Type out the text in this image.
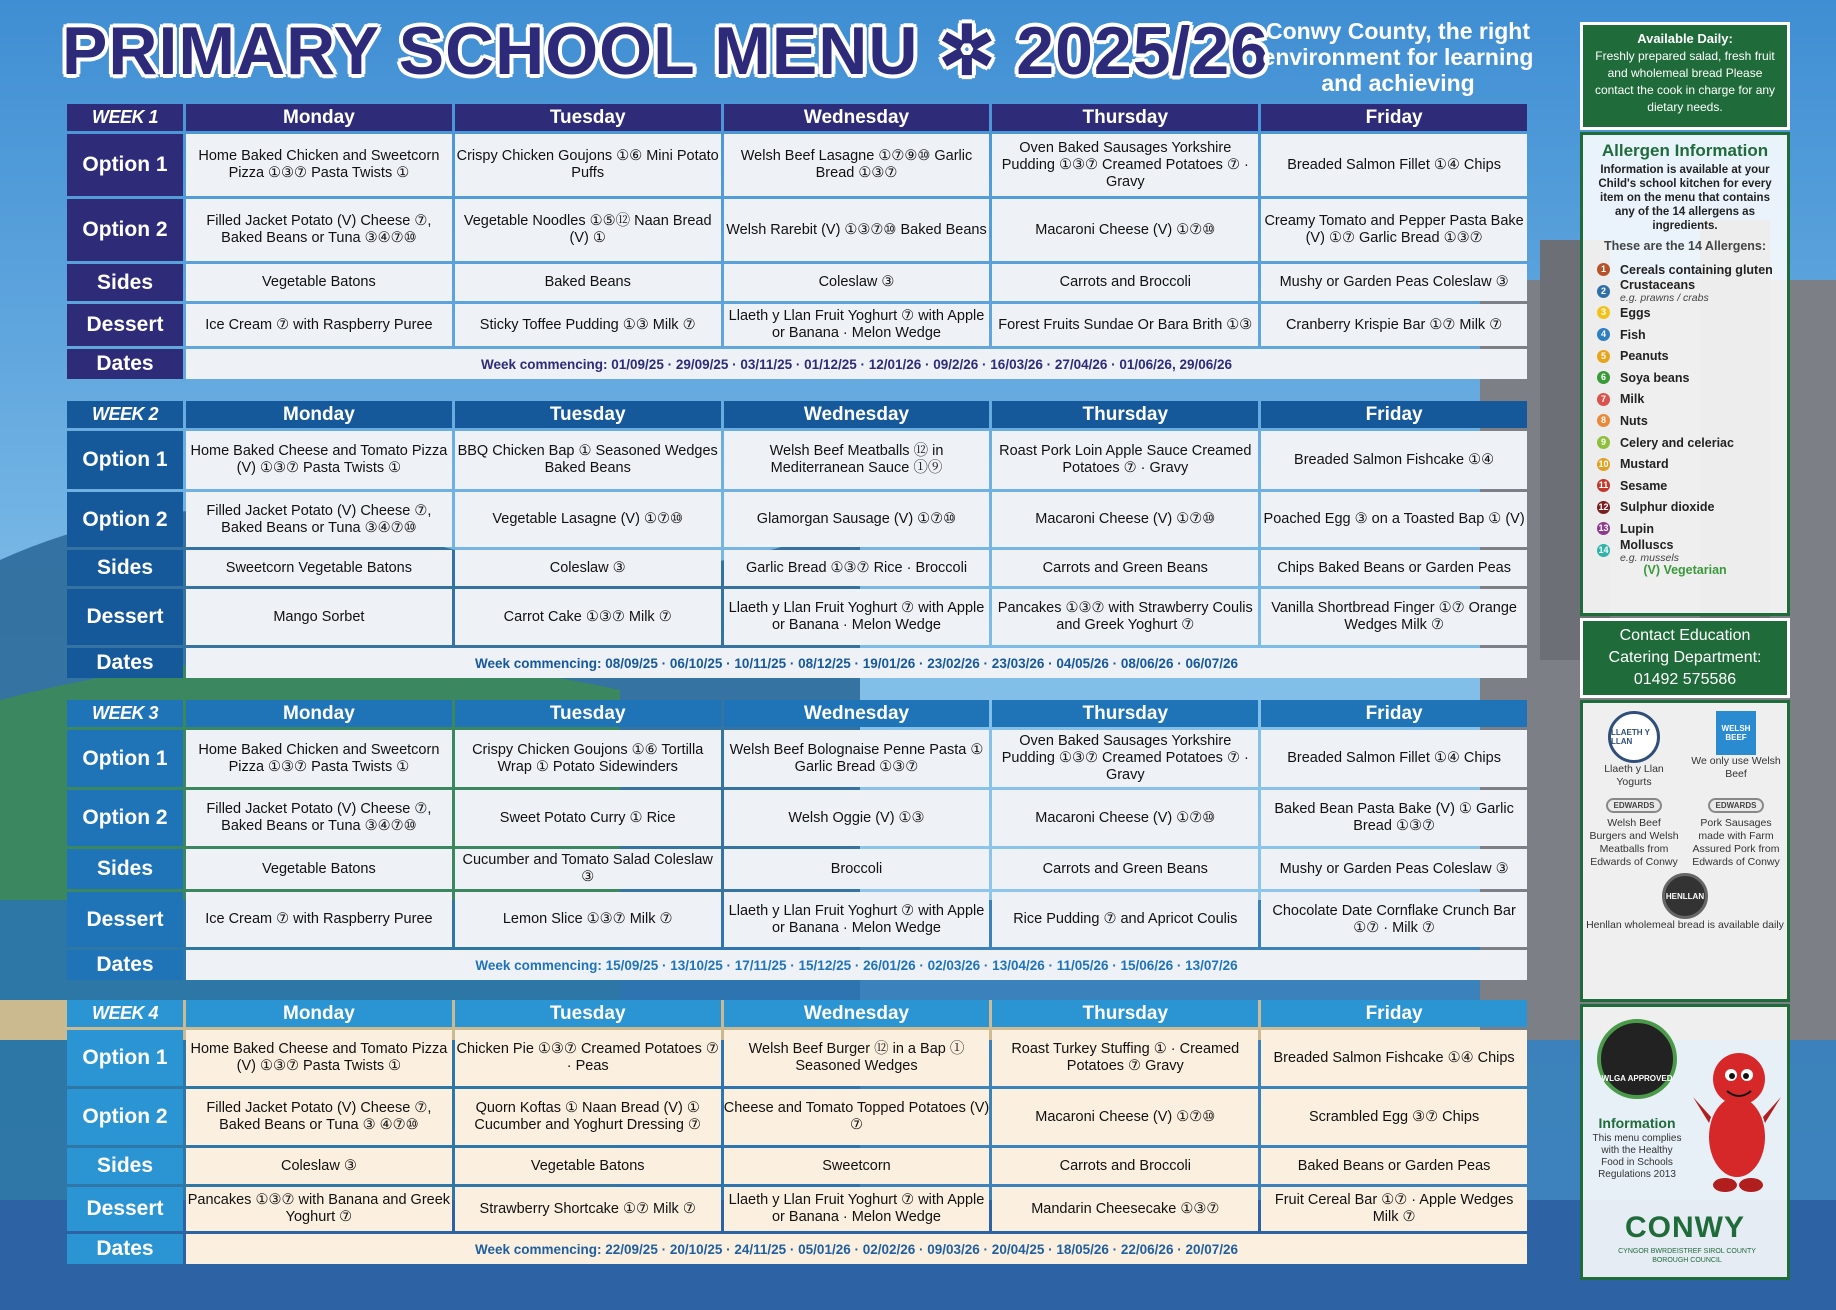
PRIMARY SCHOOL MENU ✲ 2025/26
Conwy County, the right environment for learning and achieving
WEEK 1	Monday	Tuesday	Wednesday	Thursday	Friday
Option 1	Home Baked Chicken and Sweetcorn Pizza ①③⑦ Pasta Twists ①	Crispy Chicken Goujons ①⑥ Mini Potato Puffs	Welsh Beef Lasagne ①⑦⑨⑩ Garlic Bread ①③⑦	Oven Baked Sausages Yorkshire Pudding ①③⑦ Creamed Potatoes ⑦ · Gravy	Breaded Salmon Fillet ①④ Chips
Option 2	Filled Jacket Potato (V) Cheese ⑦, Baked Beans or Tuna ③④⑦⑩	Vegetable Noodles ①⑤⑫ Naan Bread (V) ①	Welsh Rarebit (V) ①③⑦⑩ Baked Beans	Macaroni Cheese (V) ①⑦⑩	Creamy Tomato and Pepper Pasta Bake (V) ①⑦ Garlic Bread ①③⑦
Sides	Vegetable Batons	Baked Beans	Coleslaw ③	Carrots and Broccoli	Mushy or Garden Peas Coleslaw ③
Dessert	Ice Cream ⑦ with Raspberry Puree	Sticky Toffee Pudding ①③ Milk ⑦	Llaeth y Llan Fruit Yoghurt ⑦ with Apple or Banana · Melon Wedge	Forest Fruits Sundae Or Bara Brith ①③	Cranberry Krispie Bar ①⑦ Milk ⑦
Dates	Week commencing: 01/09/25 · 29/09/25 · 03/11/25 · 01/12/25 · 12/01/26 · 09/2/26 · 16/03/26 · 27/04/26 · 01/06/26, 29/06/26				
WEEK 2	Monday	Tuesday	Wednesday	Thursday	Friday
Option 1	Home Baked Cheese and Tomato Pizza (V) ①③⑦ Pasta Twists ①	BBQ Chicken Bap ① Seasoned Wedges Baked Beans	Welsh Beef Meatballs ⑫ in Mediterranean Sauce ①⑨	Roast Pork Loin Apple Sauce Creamed Potatoes ⑦ · Gravy	Breaded Salmon Fishcake ①④
Option 2	Filled Jacket Potato (V) Cheese ⑦, Baked Beans or Tuna ③④⑦⑩	Vegetable Lasagne (V) ①⑦⑩	Glamorgan Sausage (V) ①⑦⑩	Macaroni Cheese (V) ①⑦⑩	Poached Egg ③ on a Toasted Bap ① (V)
Sides	Sweetcorn Vegetable Batons	Coleslaw ③	Garlic Bread ①③⑦ Rice · Broccoli	Carrots and Green Beans	Chips Baked Beans or Garden Peas
Dessert	Mango Sorbet	Carrot Cake ①③⑦ Milk ⑦	Llaeth y Llan Fruit Yoghurt ⑦ with Apple or Banana · Melon Wedge	Pancakes ①③⑦ with Strawberry Coulis and Greek Yoghurt ⑦	Vanilla Shortbread Finger ①⑦ Orange Wedges Milk ⑦
Dates	Week commencing: 08/09/25 · 06/10/25 · 10/11/25 · 08/12/25 · 19/01/26 · 23/02/26 · 23/03/26 · 04/05/26 · 08/06/26 · 06/07/26				
WEEK 3	Monday	Tuesday	Wednesday	Thursday	Friday
Option 1	Home Baked Chicken and Sweetcorn Pizza ①③⑦ Pasta Twists ①	Crispy Chicken Goujons ①⑥ Tortilla Wrap ① Potato Sidewinders	Welsh Beef Bolognaise Penne Pasta ① Garlic Bread ①③⑦	Oven Baked Sausages Yorkshire Pudding ①③⑦ Creamed Potatoes ⑦ · Gravy	Breaded Salmon Fillet ①④ Chips
Option 2	Filled Jacket Potato (V) Cheese ⑦, Baked Beans or Tuna ③④⑦⑩	Sweet Potato Curry ① Rice	Welsh Oggie (V) ①③	Macaroni Cheese (V) ①⑦⑩	Baked Bean Pasta Bake (V) ① Garlic Bread ①③⑦
Sides	Vegetable Batons	Cucumber and Tomato Salad Coleslaw ③	Broccoli	Carrots and Green Beans	Mushy or Garden Peas Coleslaw ③
Dessert	Ice Cream ⑦ with Raspberry Puree	Lemon Slice ①③⑦ Milk ⑦	Llaeth y Llan Fruit Yoghurt ⑦ with Apple or Banana · Melon Wedge	Rice Pudding ⑦ and Apricot Coulis	Chocolate Date Cornflake Crunch Bar ①⑦ · Milk ⑦
Dates	Week commencing: 15/09/25 · 13/10/25 · 17/11/25 · 15/12/25 · 26/01/26 · 02/03/26 · 13/04/26 · 11/05/26 · 15/06/26 · 13/07/26				
WEEK 4	Monday	Tuesday	Wednesday	Thursday	Friday
Option 1	Home Baked Cheese and Tomato Pizza (V) ①③⑦ Pasta Twists ①	Chicken Pie ①③⑦ Creamed Potatoes ⑦ · Peas	Welsh Beef Burger ⑫ in a Bap ① Seasoned Wedges	Roast Turkey Stuffing ① · Creamed Potatoes ⑦ Gravy	Breaded Salmon Fishcake ①④ Chips
Option 2	Filled Jacket Potato (V) Cheese ⑦, Baked Beans or Tuna ③ ④⑦⑩	Quorn Koftas ① Naan Bread (V) ① Cucumber and Yoghurt Dressing ⑦	Cheese and Tomato Topped Potatoes (V) ⑦	Macaroni Cheese (V) ①⑦⑩	Scrambled Egg ③⑦ Chips
Sides	Coleslaw ③	Vegetable Batons	Sweetcorn	Carrots and Broccoli	Baked Beans or Garden Peas
Dessert	Pancakes ①③⑦ with Banana and Greek Yoghurt ⑦	Strawberry Shortcake ①⑦ Milk ⑦	Llaeth y Llan Fruit Yoghurt ⑦ with Apple or Banana · Melon Wedge	Mandarin Cheesecake ①③⑦	Fruit Cereal Bar ①⑦ · Apple Wedges Milk ⑦
Dates	Week commencing: 22/09/25 · 20/10/25 · 24/11/25 · 05/01/26 · 02/02/26 · 09/03/26 · 20/04/25 · 18/05/26 · 22/06/26 · 20/07/26				
Available Daily:
Freshly prepared salad, fresh fruit and wholemeal bread Please contact the cook in charge for any dietary needs.
Allergen Information
Information is available at your Child's school kitchen for every item on the menu that contains any of the 14 allergens as ingredients.
These are the 14 Allergens:
1	Cereals containing gluten
2	Crustaceans
e.g. prawns / crabs
3	Eggs
4	Fish
5	Peanuts
6	Soya beans
7	Milk
8	Nuts
9	Celery and celeriac
10 Mustard
11 Sesame
12 Sulphur dioxide
13 Lupin
14 Molluscs
e.g. mussels
(V) Vegetarian
Contact Education Catering Department: 01492 575586
LLAETH Y LLAN
Llaeth y Llan Yogurts
WELSH BEEF
We only use Welsh Beef
EDWARDS
Welsh Beef Burgers and Welsh Meatballs from Edwards of Conwy
EDWARDS
Pork Sausages made with Farm Assured Pork from Edwards of Conwy
HENLLAN
Henllan wholemeal bread is available daily
WLGA APPROVED
Information
This menu complies with the Healthy Food in Schools Regulations 2013
CONWY
CYNGOR BWRDEISTREF SIROL COUNTY BOROUGH COUNCIL
